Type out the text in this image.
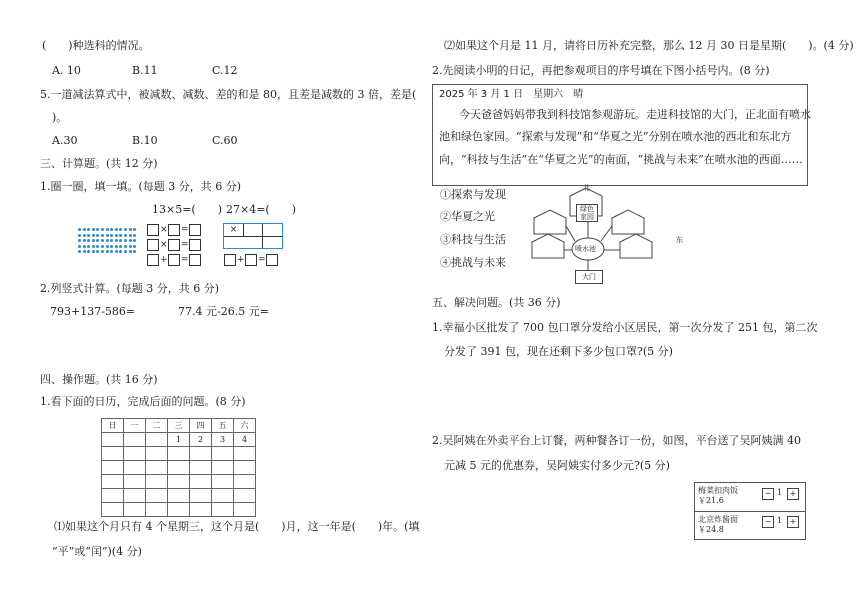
(　　)种选科的情况。
A. 10	B.11	C.12
5.一道减法算式中，被减数、减数、差的和是 80，且差是减数的 3 倍，差是(
)。
A.30	B.10	C.60
三、计算题。(共 12 分)
1.圈一圈，填一填。(每题 3 分，共 6 分)
13×5=(　　) 27×4=(　　)
× =
× =
+ =
×
+ =
2.列竖式计算。(每题 3 分，共 6 分)
793+137-586=	77.4 元-26.5 元=
四、操作题。(共 16 分)
1.看下面的日历，完成后面的问题。(8 分)
日	一	二	三	四	五	六
			1	2	3	4

⑴如果这个月只有 4 个星期三，这个月是(　　)月，这一年是(　　)年。(填
“平”或“闰”)(4 分)
⑵如果这个月是 11 月，请将日历补充完整，那么 12 月 30 日是星期(　　)。(4 分)
2.先阅读小明的日记，再把参观项目的序号填在下图小括号内。(8 分)
2025 年 3 月 1 日　星期六　晴
今天爸爸妈妈带我到科技馆参观游玩。走进科技馆的大门，正北面有喷水
池和绿色家园。“探索与发现”和“华夏之光”分别在喷水池的西北和东北方
向，“科技与生活”在“华夏之光”的南面，“挑战与未来”在喷水池的西面……
①探索与发现
②华夏之光
③科技与生活
④挑战与未来
北
绿色
家园
喷水池
大门
东
五、解决问题。(共 36 分)
1.幸福小区批发了 700 包口罩分发给小区居民，第一次分发了 251 包，第二次
分发了 391 包，现在还剩下多少包口罩?(5 分)
2.吴阿姨在外卖平台上订餐，两种餐各订一份，如图，平台送了吴阿姨满 40
元减 5 元的优惠券，吴阿姨实付多少元?(5 分)
梅菜扣肉饭
￥21.6
− 1 +
北京炸酱面
￥24.8
− 1 +
